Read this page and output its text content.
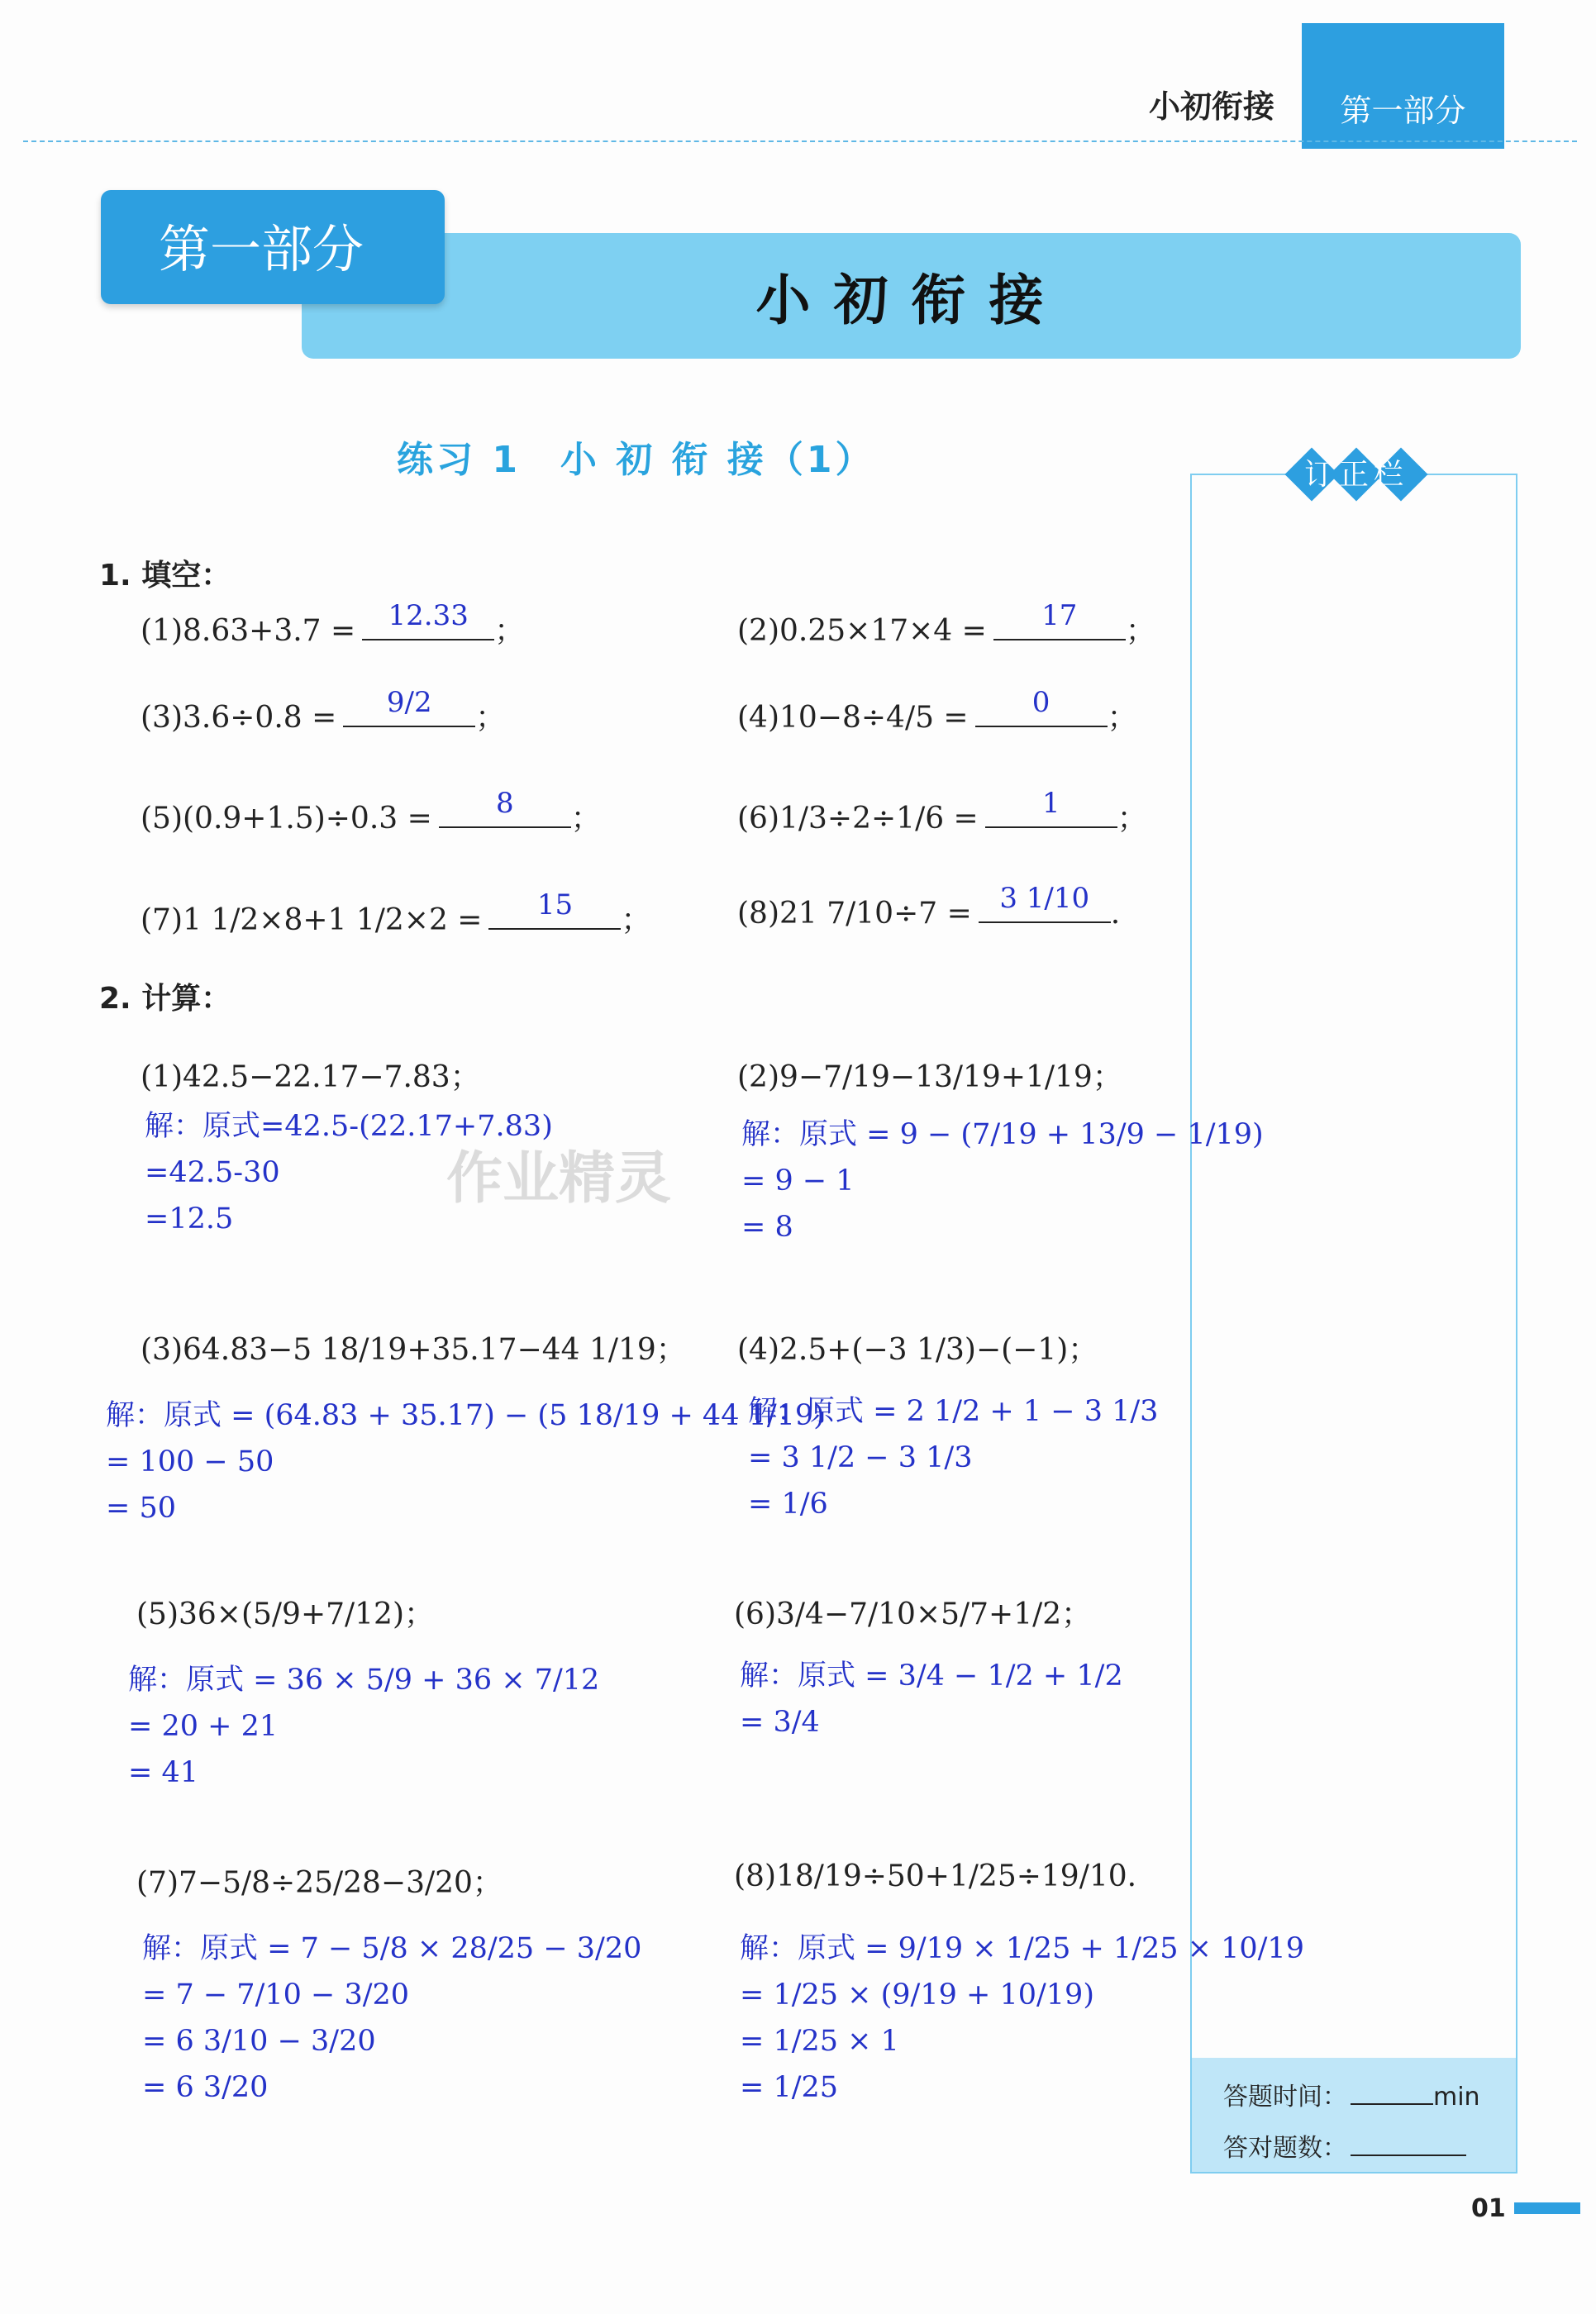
第一部分
小初衔接
小初衔接
第一部分
练习 1　小 初 衔 接（1）	订正栏
答题时间：	min
答对题数：
01
作业精灵
1. 填空：
(1)8.63+3.7 =	12.33 ；	(2)0.25×17×4 =	17	；
(3)3.6÷0.8 =	9/2	；	(4)10−8÷4/5 =	0	；
(5)(0.9+1.5)÷0.3 =	8	；	(6)1/3÷2÷1/6 =	1	；
(7)1 1/2×8+1 1/2×2 =	15	；	(8)21 7/10÷7 = 3 1/10 .
2. 计算：
(1)42.5−22.17−7.83；
解：原式=42.5-(22.17+7.83)
=42.5-30
=12.5
(2)9−7/19−13/19+1/19；
解：原式 = 9 − (7/19 + 13/9 − 1/19)
= 9 − 1
= 8
(3)64.83−5 18/19+35.17−44 1/19；
解：原式 = (64.83 + 35.17) − (5 18/19 + 44 1/19)
= 100 − 50
= 50
(4)2.5+(−3 1/3)−(−1)；
解：原式 = 2 1/2 + 1 − 3 1/3
= 3 1/2 − 3 1/3
= 1/6
(5)36×(5/9+7/12)；
解：原式 = 36 × 5/9 + 36 × 7/12
= 20 + 21
= 41
(6)3/4−7/10×5/7+1/2；
解：原式 = 3/4 − 1/2 + 1/2
= 3/4
(7)7−5/8÷25/28−3/20；
解：原式 = 7 − 5/8 × 28/25 − 3/20
= 7 − 7/10 − 3/20
= 6 3/10 − 3/20
= 6 3/20
(8)18/19÷50+1/25÷19/10.
解：原式 = 9/19 × 1/25 + 1/25 × 10/19
= 1/25 × (9/19 + 10/19)
= 1/25 × 1
= 1/25
